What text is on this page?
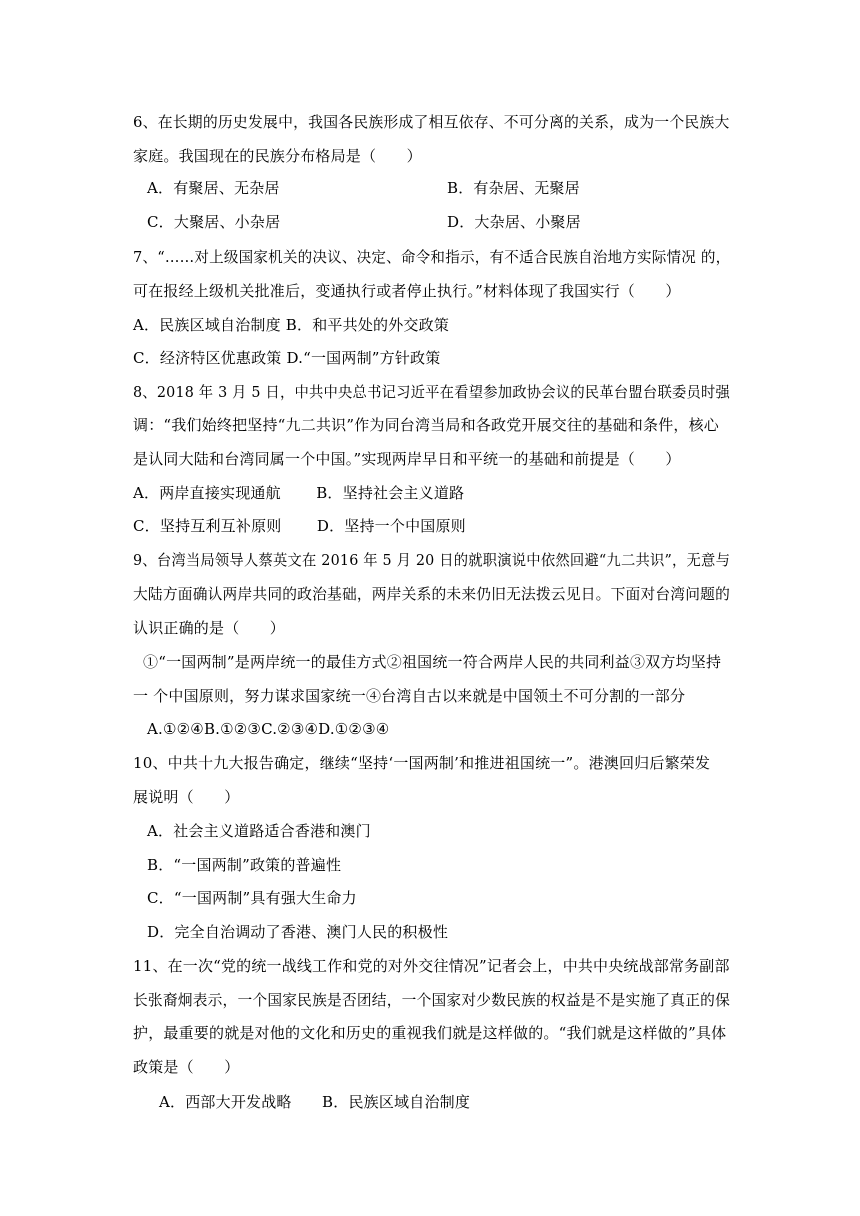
6、在长期的历史发展中，我国各民族形成了相互依存、不可分离的关系，成为一个民族大
家庭。我国现在的民族分布格局是（　　）
A．有聚居、无杂居	B．有杂居、无聚居
C．大聚居、小杂居	D．大杂居、小聚居
7、“……对上级国家机关的决议、决定、命令和指示，有不适合民族自治地方实际情况 的，
可在报经上级机关批准后，变通执行或者停止执行。”材料体现了我国实行（　　）
A．民族区域自治制度 B．和平共处的外交政策
C．经济特区优惠政策 D.“一国两制”方针政策
8、2018 年 3 月 5 日，中共中央总书记习近平在看望参加政协会议的民革台盟台联委员时强
调：“我们始终把坚持“九二共识”作为同台湾当局和各政党开展交往的基础和条件，核心
是认同大陆和台湾同属一个中国。”实现两岸早日和平统一的基础和前提是（　　）
A．两岸直接实现通航　　 B．坚持社会主义道路
C．坚持互利互补原则　　 D．坚持一个中国原则
9、台湾当局领导人蔡英文在 2016 年 5 月 20 日的就职演说中依然回避“九二共识”，无意与
大陆方面确认两岸共同的政治基础，两岸关系的未来仍旧无法拨云见日。下面对台湾问题的
认识正确的是（　　）
①“一国两制”是两岸统一的最佳方式②祖国统一符合两岸人民的共同利益③双方均坚持
一 个中国原则，努力谋求国家统一④台湾自古以来就是中国领土不可分割的一部分
A.①②④B.①②③C.②③④D.①②③④
10、中共十九大报告确定，继续“坚持‘一国两制’和推进祖国统一”。港澳回归后繁荣发
展说明（　　）
A．社会主义道路适合香港和澳门
B．“一国两制”政策的普遍性
C．“一国两制”具有强大生命力
D．完全自治调动了香港、澳门人民的积极性
11、在一次“党的统一战线工作和党的对外交往情况”记者会上，中共中央统战部常务副部
长张裔炯表示，一个国家民族是否团结，一个国家对少数民族的权益是不是实施了真正的保
护，最重要的就是对他的文化和历史的重视我们就是这样做的。“我们就是这样做的”具体
政策是（　　）
A．西部大开发战略　　B．民族区域自治制度
